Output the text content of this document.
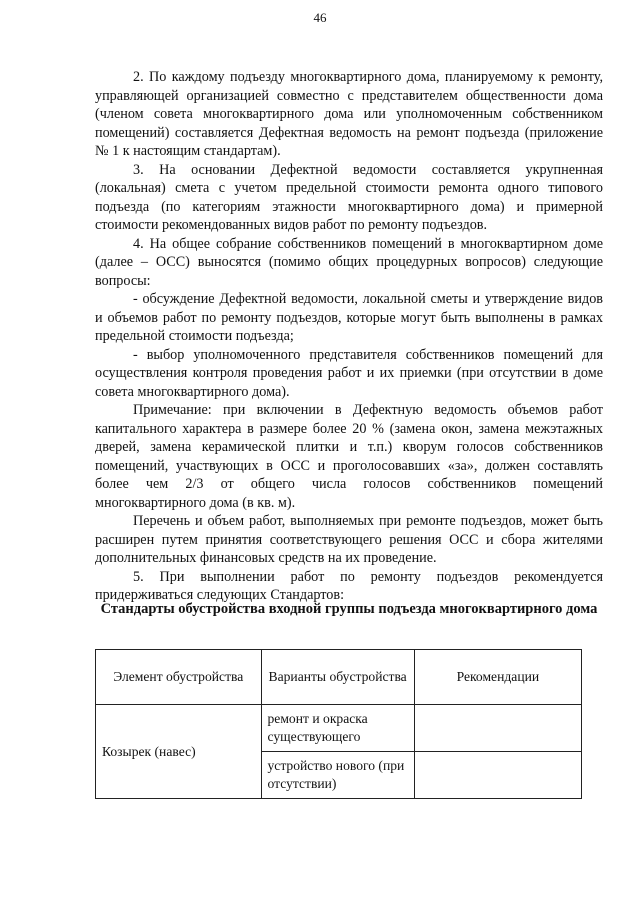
46

2. По каждому подъезду многоквартирного дома, планируемому к ремонту, управляющей организацией совместно с представителем общественности дома (членом совета многоквартирного дома или уполномоченным собственником помещений) составляется Дефектная ведомость на ремонт подъезда (приложение № 1 к настоящим стандартам).

3. На основании Дефектной ведомости составляется укрупненная (локальная) смета с учетом предельной стоимости ремонта одного типового подъезда (по категориям этажности многоквартирного дома) и примерной стоимости рекомендованных видов работ по ремонту подъездов.

4. На общее собрание собственников помещений в многоквартирном доме (далее – ОСС) выносятся (помимо общих процедурных вопросов) следующие вопросы:

- обсуждение Дефектной ведомости, локальной сметы и утверждение видов и объемов работ по ремонту подъездов, которые могут быть выполнены в рамках предельной стоимости подъезда;

- выбор уполномоченного представителя собственников помещений для осуществления контроля проведения работ и их приемки (при отсутствии в доме совета многоквартирного дома).

Примечание: при включении в Дефектную ведомость объемов работ капитального характера в размере более 20 % (замена окон, замена межэтажных дверей, замена керамической плитки и т.п.) кворум голосов собственников помещений, участвующих в ОСС и проголосовавших «за», должен составлять более чем 2/3 от общего числа голосов собственников помещений многоквартирного дома (в кв. м).

Перечень и объем работ, выполняемых при ремонте подъездов, может быть расширен путем принятия соответствующего решения ОСС и сбора жителями дополнительных финансовых средств на их проведение.

5. При выполнении работ по ремонту подъездов рекомендуется придерживаться следующих Стандартов:

Стандарты обустройства входной группы подъезда многоквартирного дома

Элемент обустройства	Варианты обустройства	Рекомендации
Козырек (навес)	ремонт и окраска существующего	
	устройство нового (при отсутствии)	
